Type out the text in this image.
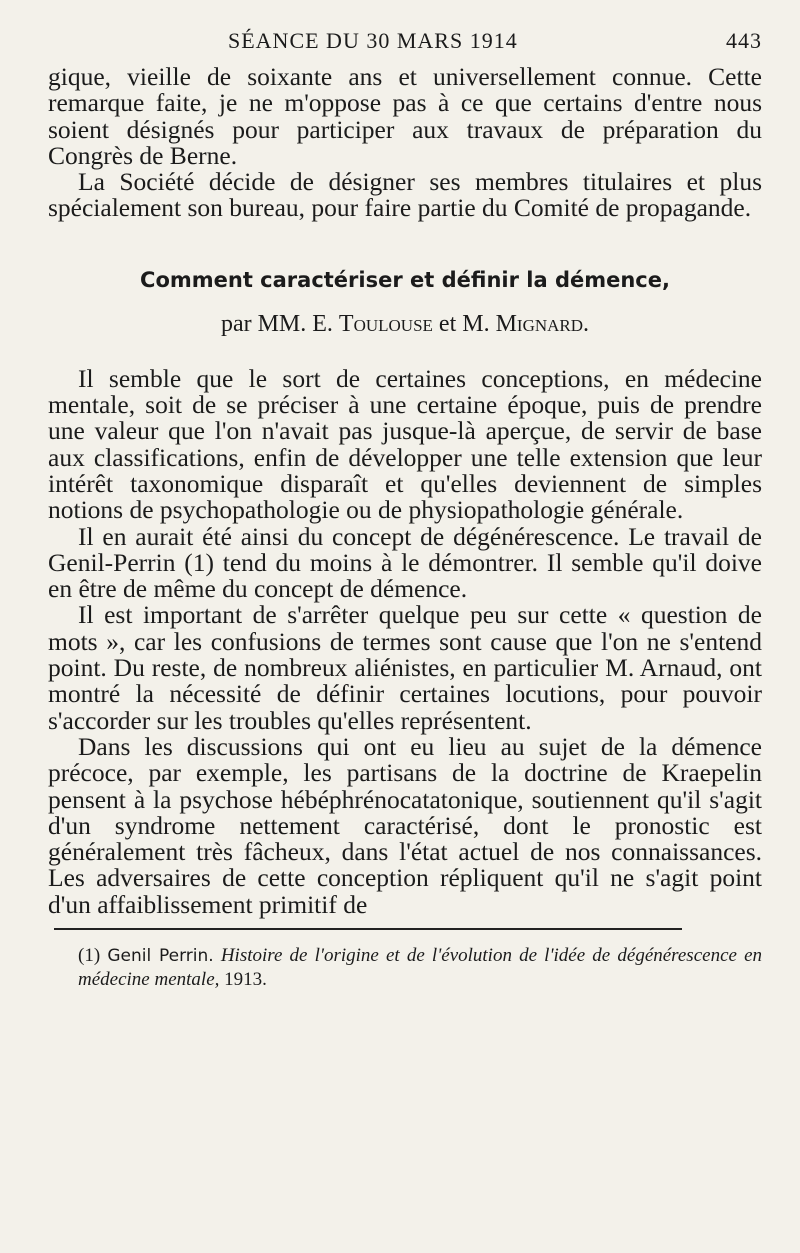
SÉANCE DU 30 MARS 1914	443

gique, vieille de soixante ans et universellement connue. Cette remarque faite, je ne m'oppose pas à ce que certains d'entre nous soient désignés pour participer aux travaux de préparation du Congrès de Berne.

La Société décide de désigner ses membres titulaires et plus spécialement son bureau, pour faire partie du Comité de propagande.

Comment caractériser et définir la démence,
par MM. E. Toulouse et M. Mignard.

Il semble que le sort de certaines conceptions, en médecine mentale, soit de se préciser à une certaine époque, puis de prendre une valeur que l'on n'avait pas jusque-là aperçue, de servir de base aux classifications, enfin de développer une telle extension que leur intérêt taxonomique disparaît et qu'elles deviennent de simples notions de psychopathologie ou de physiopathologie générale.

Il en aurait été ainsi du concept de dégénérescence. Le travail de Genil-Perrin (1) tend du moins à le démontrer. Il semble qu'il doive en être de même du concept de démence.

Il est important de s'arrêter quelque peu sur cette « question de mots », car les confusions de termes sont cause que l'on ne s'entend point. Du reste, de nombreux aliénistes, en particulier M. Arnaud, ont montré la nécessité de définir certaines locutions, pour pouvoir s'accorder sur les troubles qu'elles représentent.

Dans les discussions qui ont eu lieu au sujet de la démence précoce, par exemple, les partisans de la doctrine de Kraepelin pensent à la psychose hébéphrénocatatonique, soutiennent qu'il s'agit d'un syndrome nettement caractérisé, dont le pronostic est généralement très fâcheux, dans l'état actuel de nos connaissances. Les adversaires de cette conception répliquent qu'il ne s'agit point d'un affaiblissement primitif de

(1) Genil Perrin. Histoire de l'origine et de l'évolution de l'idée de dégénérescence en médecine mentale, 1913.
